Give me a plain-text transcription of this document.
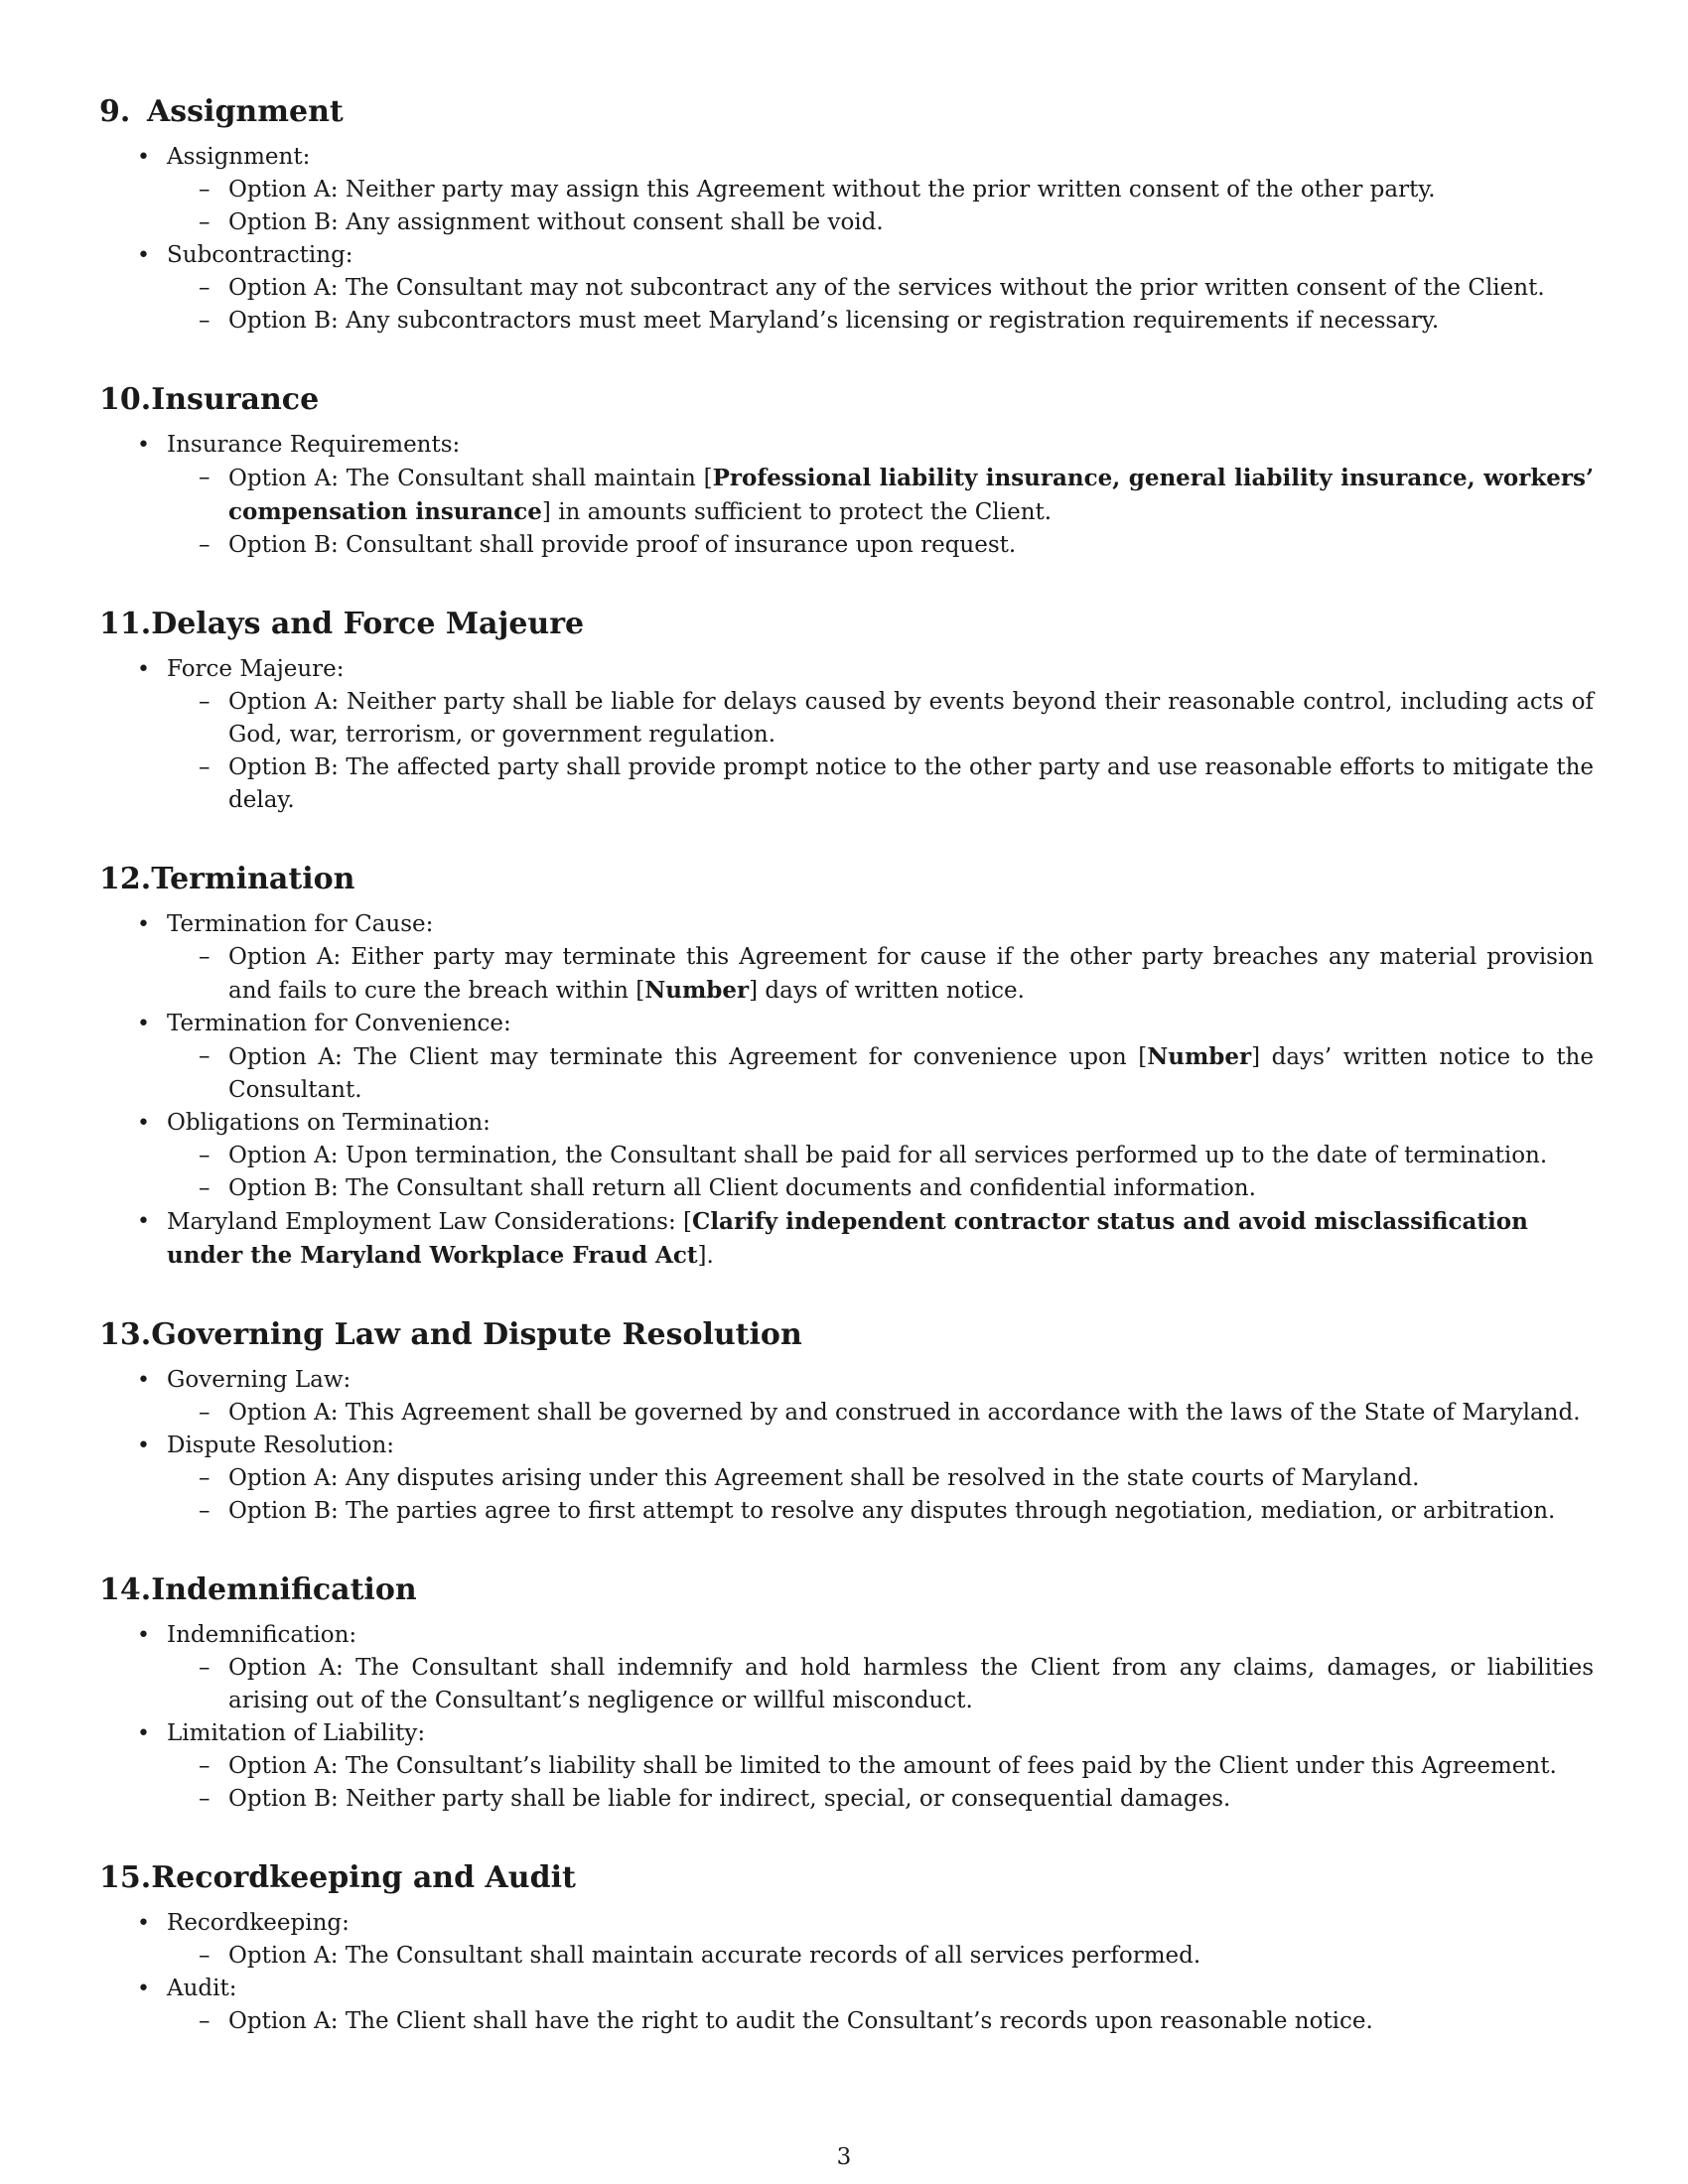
9. Assignment
• Assignment:
– Option A: Neither party may assign this Agreement without the prior written consent of the other party.
– Option B: Any assignment without consent shall be void.
• Subcontracting:
– Option A: The Consultant may not subcontract any of the services without the prior written consent of the Client.
– Option B: Any subcontractors must meet Maryland’s licensing or registration requirements if necessary.
10. Insurance
• Insurance Requirements:
– Option A: The Consultant shall maintain [Professional liability insurance, general liability insurance, workers’ compensation insurance] in amounts sufficient to protect the Client.
– Option B: Consultant shall provide proof of insurance upon request.
11. Delays and Force Majeure
• Force Majeure:
– Option A: Neither party shall be liable for delays caused by events beyond their reasonable control, including acts of God, war, terrorism, or government regulation.
– Option B: The affected party shall provide prompt notice to the other party and use reasonable efforts to mitigate the delay.
12. Termination
• Termination for Cause:
– Option A: Either party may terminate this Agreement for cause if the other party breaches any material provision and fails to cure the breach within [Number] days of written notice.
• Termination for Convenience:
– Option A: The Client may terminate this Agreement for convenience upon [Number] days’ written notice to the Consultant.
• Obligations on Termination:
– Option A: Upon termination, the Consultant shall be paid for all services performed up to the date of termination.
– Option B: The Consultant shall return all Client documents and confidential information.
• Maryland Employment Law Considerations: [Clarify independent contractor status and avoid misclassification under the Maryland Workplace Fraud Act].
13. Governing Law and Dispute Resolution
• Governing Law:
– Option A: This Agreement shall be governed by and construed in accordance with the laws of the State of Maryland.
• Dispute Resolution:
– Option A: Any disputes arising under this Agreement shall be resolved in the state courts of Maryland.
– Option B: The parties agree to first attempt to resolve any disputes through negotiation, mediation, or arbitration.
14. Indemnification
• Indemnification:
– Option A: The Consultant shall indemnify and hold harmless the Client from any claims, damages, or liabilities arising out of the Consultant’s negligence or willful misconduct.
• Limitation of Liability:
– Option A: The Consultant’s liability shall be limited to the amount of fees paid by the Client under this Agreement.
– Option B: Neither party shall be liable for indirect, special, or consequential damages.
15. Recordkeeping and Audit
• Recordkeeping:
– Option A: The Consultant shall maintain accurate records of all services performed.
• Audit:
– Option A: The Client shall have the right to audit the Consultant’s records upon reasonable notice.
3
